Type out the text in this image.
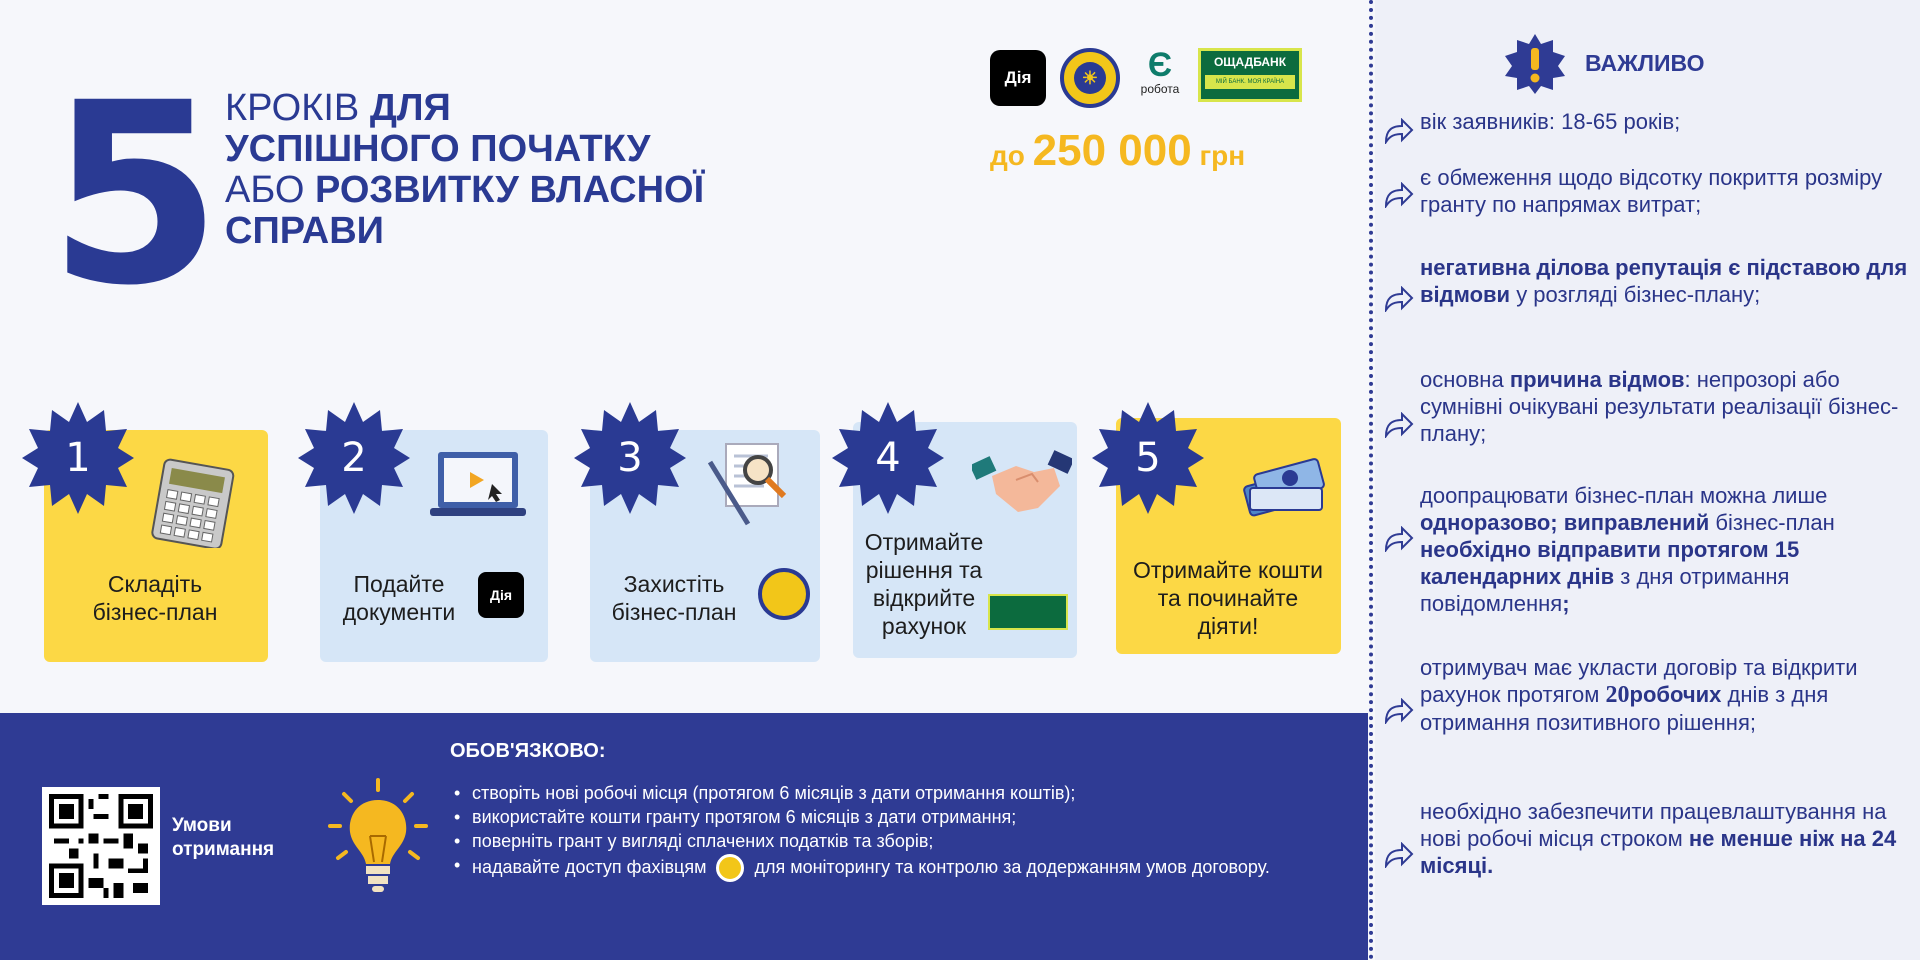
5 КРОКІВ ДЛЯ
УСПІШНОГО ПОЧАТКУ
АБО РОЗВИТКУ ВЛАСНОЇ
СПРАВИ
Дія	☀	Є
робота
ОЩАДБАНК
МІЙ БАНК. МОЯ КРАЇНА
до 250 000 грн
1	2	3	4	5
Складіть
бізнес-план
Подайте
документи
Дія	Захистіть
бізнес-план
Отримайте
рішення та
відкрийте
рахунок
Отримайте кошти
та починайте
діяти!
Умови
отримання
ОБОВ'ЯЗКОВО:
• створіть нові робочі місця (протягом 6 місяців з дати отримання коштів);
• використайте кошти гранту протягом 6 місяців з дати отримання;
• поверніть грант у вигляді сплачених податків та зборів;
• надавайте доступ фахівцям	для моніторингу та контролю за додержанням умов договору.
ВАЖЛИВО
вік заявників: 18-65 років;
є обмеження щодо відсотку покриття розміру гранту по напрямах витрат;
негативна ділова репутація є підставою для відмови у розгляді бізнес-плану;
основна причина відмов: непрозорі або сумнівні очікувані результати реалізації бізнес-плану;
доопрацювати бізнес-план можна лише одноразово; виправлений бізнес-план необхідно відправити протягом 15 календарних днів з дня отримання повідомлення;
отримувач має укласти договір та відкрити рахунок протягом 20робочих днів з дня отримання позитивного рішення;
необхідно забезпечити працевлаштування на нові робочі місця строком не менше ніж на 24 місяці.
